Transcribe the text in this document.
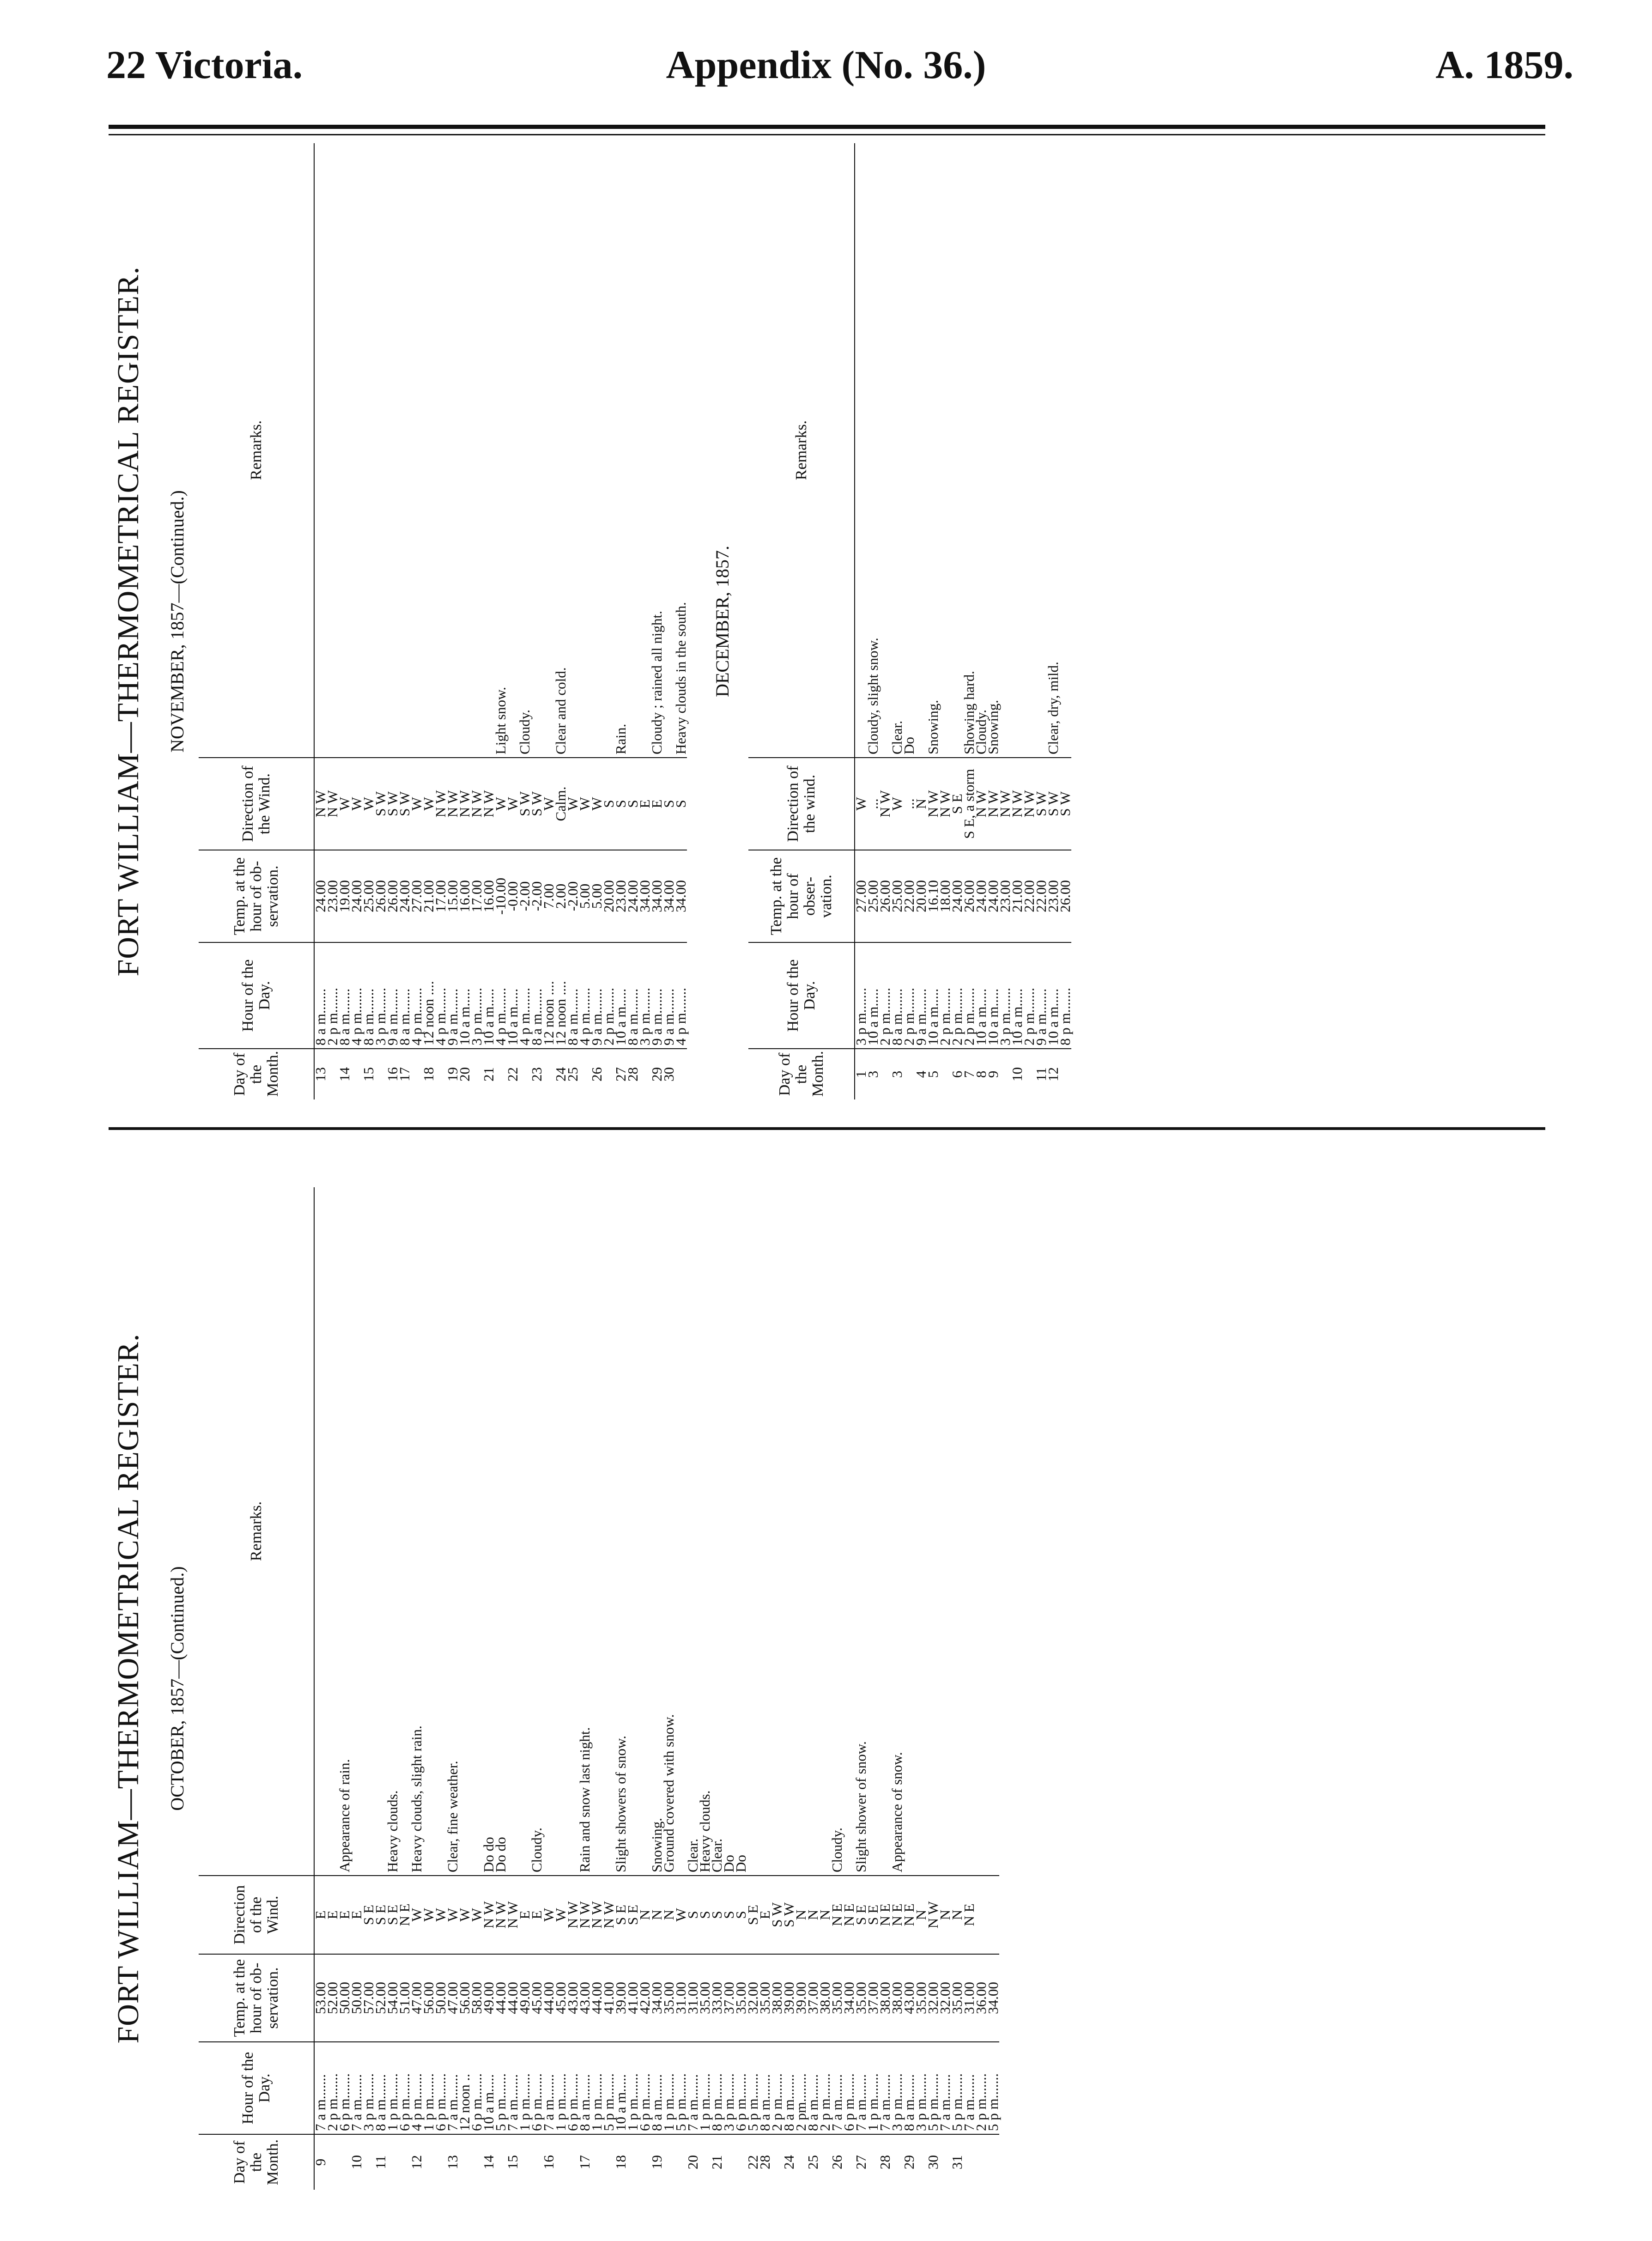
22 Victoria.	Appendix (No. 36.)	A. 1859.
FORT WILLIAM—THERMOMETRICAL REGISTER. OCTOBER, 1857—(Continued.)
Day of the Month.	Hour of the Day.	Temp. at the hour of ob- servation.	Direction of the Wind.	Remarks.
9	7 a m.......	53.00	E	
	2 p m.......	52.00	E	
	6 p m.......	50.00	E	Appearance of rain.
10	7 a m.......	50.00	E	
	3 p m.......	57.00	S E	
11	8 a m.......	52.00	S E	
	1 p m.......	54.00	S E	Heavy clouds.
	6 p m.......	51.00	N E	
12	4 p m.......	47.00	W	Heavy clouds, slight rain.
	1 p m.......	56.00	W	
	6 p m.......	50.00	W	
13	7 a m.......	47.00	W	Clear, fine weather.
	12 noon ..	56.00	W	
	6 p m.......	58.00	W	
14	10 a m.....	49.00	N W	Do do
	5 p m.......	44.00	N W	Do do
15	7 a m.......	44.00	N W	
	1 p m.......	49.00	E	
	6 p m.......	45.00	E	Cloudy.
16	7 a m.......	44.00	W	
	1 p m.......	45.00	W	
	6 p m.......	43.00	N W	
17	8 a m.......	43.00	N W	Rain and snow last night.
	1 p m.......	44.00	N W	
	5 p m.......	41.00	N W	
18	10 a m.....	39.00	S E	Slight showers of snow.
	1 p m.......	41.00	S E	
	6 p m.......	42.00	N	
19	8 a m.......	34.00	N	Snowing.
	1 p m.......	35.00	N	Ground covered with snow.
	5 p m.......	31.00	W	
20	7 a m.......	31.00	S	Clear.
	1 p m.......	35.00	S	Heavy clouds.
21	8 p m.......	33.00	S	Clear.
	3 p m.......	37.00	S	Do
	6 p m.......	35.00	S	Do
22	5 p m.......	32.00	S E	
28	8 a m.......	35.00	E	
	2 p m.......	38.00	S W	
24	8 a m.......	39.00	S W	
	2 pm........	39.00	N	
25	8 a m.......	37.00	N	
	2 p m.......	38.00	N	
26	7 a m.......	35.00	N E	Cloudy.
	6 p m.......	34.00	N E	
27	7 a m.......	35.00	S E	Slight shower of snow.
	1 p m.......	37.00	S E	
28	7 a m.......	38.00	N E	
	3 p m.......	38.00	N E	Appearance of snow.
29	8 a m.......	43.00	N E	
	3 p m.......	35.00	N	
30	5 p m.......	32.00	N W	
	7 a m.......	32.00	N	
31	5 p m.......	35.00	N	
	7 a m.......	31.00	N E	
	2 p m.......	36.00		
	5 p m.......	34.00		
FORT WILLIAM—THERMOMETRICAL REGISTER. NOVEMBER, 1857—(Continued.)
Day of the Month.	Hour of the Day.	Temp. at the hour of ob- servation.	Direction of the Wind.	Remarks.
13	8 a m.......	24.00	N W	
	2 p m.......	23.00	N W	
14	8 a m.......	19.00	W	
	4 p m.......	24.00	W	
15	8 a m.......	25.00	W	
	3 p m.......	26.00	S W	
16	9 a m.......	26.00	S W	
17	8 a m.......	24.00	S W	
	4 p m.......	27.00	W	
18	12 noon ....	21.00	W	
	4 p m.......	17.00	N W	
19	9 a m.......	15.00	N W	
20	10 a m.....	16.00	N W	
	3 p m.......	17.00	N W	
21	10 a m.....	16.00	N W	
	4 p m.......	-10.00	W	Light snow.
22	10 a m.....	-0.00	W	
	4 p m.......	-2.00	S W	Cloudy.
23	8 a m.......	-2.00	S W	
	12 noon ....	7.00	W	
24	12 noon ....	2.00	Calm.	Clear and cold.
25	8 a m.......	-2.00	W	
	4 p m.......	5.00	W	
26	9 a m.......	5.00	W	
	2 p m.......	20.00	S	
27	10 a m.....	23.00	S	Rain.
28	8 a m.......	24.00	S	
	3 p m.......	34.00	E	
29	9 a m.......	34.00	E	Cloudy ; rained all night.
30	9 a m.......	34.00	S	
	4 p m.......	34.00	S	Heavy clouds in the south. DECEMBER, 1857.
Day of the Month.	Hour of the Day.	Temp. at the hour of obser- vation.	Direction of the wind.	Remarks.
1	3 p m.......	27.00	W	
3	10 a m.....	25.00	...	Cloudy, slight snow.
	2 p m.......	26.00	N W	
3	8 a m.......	25.00	W	Clear.
	2 p m.......	22.00	...	Do
4	9 a m.......	20.00	N	
5	10 a m.....	16.10	N W	Snowing.
	2 p m.......	18.00	N W	
6	2 p m.......	24.00	S E	
7	2 p m.......	26.00	S E, a storm	Showing hard.
8	10 a m.....	24.00	N W	Cloudy.
9	10 a m.....	24.00	N W	Snowing.
	3 p m.......	23.00	N W	
10	10 a m.....	21.00	N W	
	2 p m.......	22.00	N W	
11	9 a m.......	22.00	S W	
12	10 a m.....	23.00	S W	Clear, dry, mild.
	8 p m.......	26.00	S W	
